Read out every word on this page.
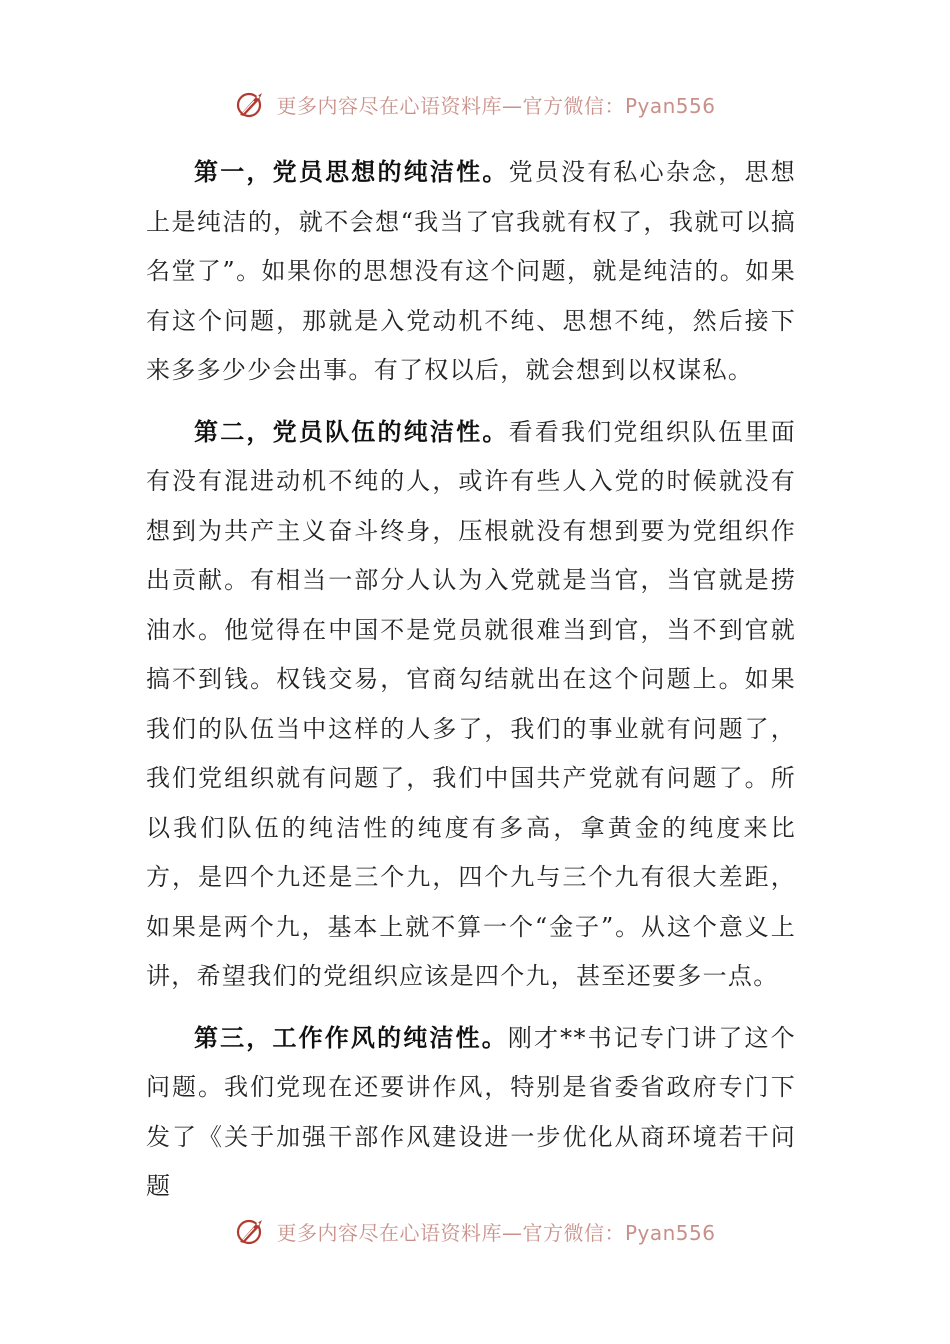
更多内容尽在心语资料库—官方微信：Pyan556

第一，党员思想的纯洁性。党员没有私心杂念，思想上是纯洁的，就不会想“我当了官我就有权了，我就可以搞名堂了”。如果你的思想没有这个问题，就是纯洁的。如果有这个问题，那就是入党动机不纯、思想不纯，然后接下来多多少少会出事。有了权以后，就会想到以权谋私。

第二，党员队伍的纯洁性。看看我们党组织队伍里面有没有混进动机不纯的人，或许有些人入党的时候就没有想到为共产主义奋斗终身，压根就没有想到要为党组织作出贡献。有相当一部分人认为入党就是当官，当官就是捞油水。他觉得在中国不是党员就很难当到官，当不到官就搞不到钱。权钱交易，官商勾结就出在这个问题上。如果我们的队伍当中这样的人多了，我们的事业就有问题了，我们党组织就有问题了，我们中国共产党就有问题了。所以我们队伍的纯洁性的纯度有多高，拿黄金的纯度来比方，是四个九还是三个九，四个九与三个九有很大差距，如果是两个九，基本上就不算一个“金子”。从这个意义上讲，希望我们的党组织应该是四个九，甚至还要多一点。

第三，工作作风的纯洁性。刚才**书记专门讲了这个问题。我们党现在还要讲作风，特别是省委省政府专门下发了《关于加强干部作风建设进一步优化从商环境若干问题

更多内容尽在心语资料库—官方微信：Pyan556
